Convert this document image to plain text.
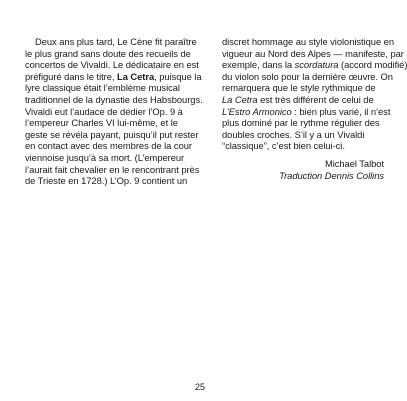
Deux ans plus tard, Le Cène fit paraître
le plus grand sans doute des recueils de
concertos de Vivaldi. Le dédicataire en est
préfiguré dans le titre, La Cetra, puisque la
lyre classique était l’emblème musical
traditionnel de la dynastie des Habsbourgs.
Vivaldi eut l’audace de dédier l’Op. 9 à
l’empereur Charles VI lui-même, et le
geste se révéla payant, puisqu’il put rester
en contact avec des membres de la cour
viennoise jusqu’à sa mort. (L’empereur
l’aurait fait chevalier en le rencontrant près
de Trieste en 1728.) L’Op. 9 contient un
discret hommage au style violonistique en
vigueur au Nord des Alpes — manifeste, par
exemple, dans la scordatura (accord modifié)
du violon solo pour la dernière œuvre. On
remarquera que le style rythmique de
La Cetra est très différent de celui de
L’Estro Armonico : bien plus varié, il n’est
plus dominé par le rythme régulier des
doubles croches. S’il y a un Vivaldi
“classique”, c’est bien celui-ci.
Michael Talbot
Traduction Dennis Collins
25
